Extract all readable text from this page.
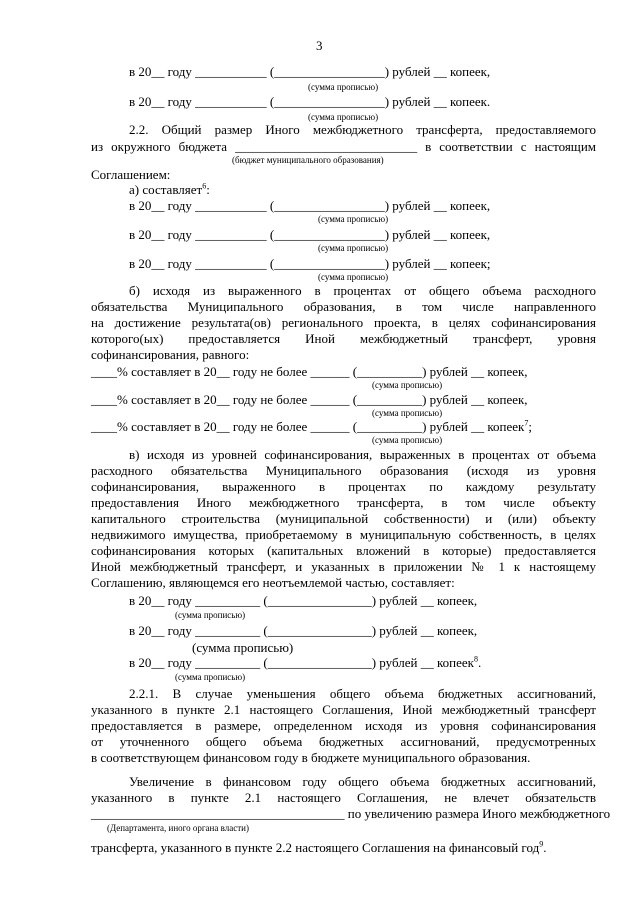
3
в 20__ году ___________ (_________________) рублей __ копеек,
(сумма прописью)
в 20__ году ___________ (_________________) рублей __ копеек.
(сумма прописью)
2.2. Общий размер Иного межбюджетного трансферта, предоставляемого
из окружного бюджета ____________________________ в соответствии с настоящим
(бюджет муниципального образования)
Соглашением:
а) составляет$^6$:
в 20__ году ___________ (_________________) рублей __ копеек,
(сумма прописью)
в 20__ году ___________ (_________________) рублей __ копеек,
(сумма прописью)
в 20__ году ___________ (_________________) рублей __ копеек;
(сумма прописью)
б) исходя из выраженного в процентах от общего объема расходного
обязательства Муниципального образования, в том числе направленного
на достижение результата(ов) регионального проекта, в целях софинансирования
которого(ых) предоставляется Иной межбюджетный трансферт, уровня
софинансирования, равного:
____% составляет в 20__ году не более ______ (__________) рублей __ копеек,
(сумма прописью)
____% составляет в 20__ году не более ______ (__________) рублей __ копеек,
(сумма прописью)
____% составляет в 20__ году не более ______ (__________) рублей __ копеек$^7$;
(сумма прописью)
в) исходя из уровней софинансирования, выраженных в процентах от объема
расходного обязательства Муниципального образования (исходя из уровня
софинансирования, выраженного в процентах по каждому результату
предоставления Иного межбюджетного трансферта, в том числе объекту
капитального строительства (муниципальной собственности) и (или) объекту
недвижимого имущества, приобретаемому в муниципальную собственность, в целях
софинансирования которых (капитальных вложений в которые) предоставляется
Иной межбюджетный трансферт, и указанных в приложении № 1 к настоящему
Соглашению, являющемся его неотъемлемой частью, составляет:
в 20__ году __________ (________________) рублей __ копеек,
(сумма прописью)
в 20__ году __________ (________________) рублей __ копеек,
(сумма прописью)
в 20__ году __________ (________________) рублей __ копеек$^8$.
(сумма прописью)
2.2.1. В случае уменьшения общего объема бюджетных ассигнований,
указанного в пункте 2.1 настоящего Соглашения, Иной межбюджетный трансферт
предоставляется в размере, определенном исходя из уровня софинансирования
от уточненного общего объема бюджетных ассигнований, предусмотренных
в соответствующем финансовом году в бюджете муниципального образования.
Увеличение в финансовом году общего объема бюджетных ассигнований,
указанного в пункте 2.1 настоящего Соглашения, не влечет обязательств
_______________________________________ по увеличению размера Иного межбюджетного
(Департамента, иного органа власти)
трансферта, указанного в пункте 2.2 настоящего Соглашения на финансовый год$^9$.
